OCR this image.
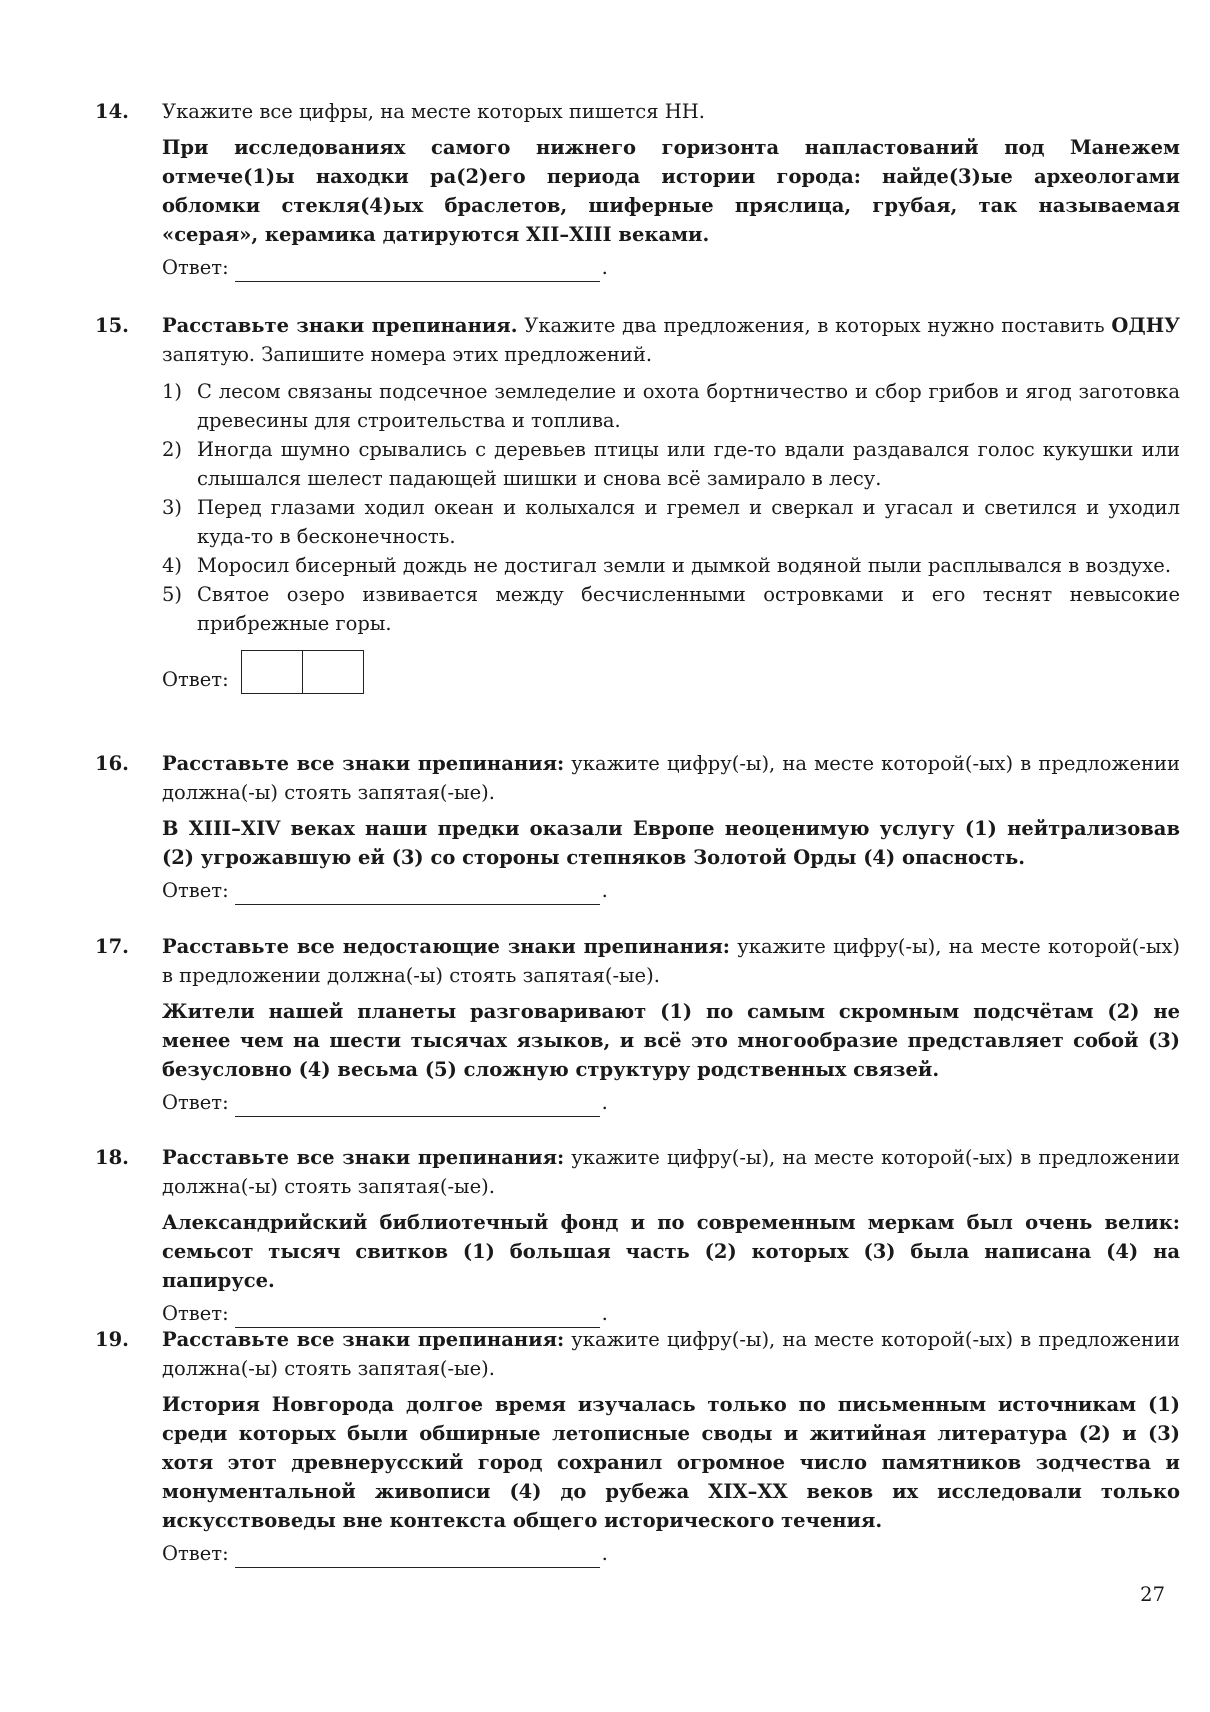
14. Укажите все цифры, на месте которых пишется НН.

При исследованиях самого нижнего горизонта напластований под Манежем отмече(1)ы находки ра(2)его периода истории города: найде(3)ые археологами обломки стекля(4)ых браслетов, шиферные пряслица, грубая, так называемая «серая», керамика датируются XII–XIII веками.

Ответ:	.
15. Расставьте знаки препинания. Укажите два предложения, в которых нужно поставить ОДНУ запятую. Запишите номера этих предложений.

1) С лесом связаны подсечное земледелие и охота бортничество и сбор грибов и ягод заготовка древесины для строительства и топлива.
2) Иногда шумно срывались с деревьев птицы или где-то вдали раздавался голос кукушки или слышался шелест падающей шишки и снова всё замирало в лесу.
3) Перед глазами ходил океан и колыхался и гремел и сверкал и угасал и светился и уходил куда-то в бесконечность.
4) Моросил бисерный дождь не достигал земли и дымкой водяной пыли расплывался в воздухе.
5) Святое озеро извивается между бесчисленными островками и его теснят невысокие прибрежные горы.
Ответ:
16. Расставьте все знаки препинания: укажите цифру(-ы), на месте которой(-ых) в предложении должна(-ы) стоять запятая(-ые).

В XIII–XIV веках наши предки оказали Европе неоценимую услугу (1) нейтрализовав (2) угрожавшую ей (3) со стороны степняков Золотой Орды (4) опасность.

Ответ:	.
17. Расставьте все недостающие знаки препинания: укажите цифру(-ы), на месте которой(-ых) в предложении должна(-ы) стоять запятая(-ые).

Жители нашей планеты разговаривают (1) по самым скромным подсчётам (2) не менее чем на шести тысячах языков, и всё это многообразие представляет собой (3) безусловно (4) весьма (5) сложную структуру родственных связей.

Ответ:	.
18. Расставьте все знаки препинания: укажите цифру(-ы), на месте которой(-ых) в предложении должна(-ы) стоять запятая(-ые).

Александрийский библиотечный фонд и по современным меркам был очень велик: семьсот тысяч свитков (1) большая часть (2) которых (3) была написана (4) на папирусе.

Ответ:	.
19. Расставьте все знаки препинания: укажите цифру(-ы), на месте которой(-ых) в предложении должна(-ы) стоять запятая(-ые).

История Новгорода долгое время изучалась только по письменным источникам (1) среди которых были обширные летописные своды и житийная литература (2) и (3) хотя этот древнерусский город сохранил огромное число памятников зодчества и монументальной живописи (4) до рубежа XIX–XX веков их исследовали только искусствоведы вне контекста общего исторического течения.

Ответ:	.
27
